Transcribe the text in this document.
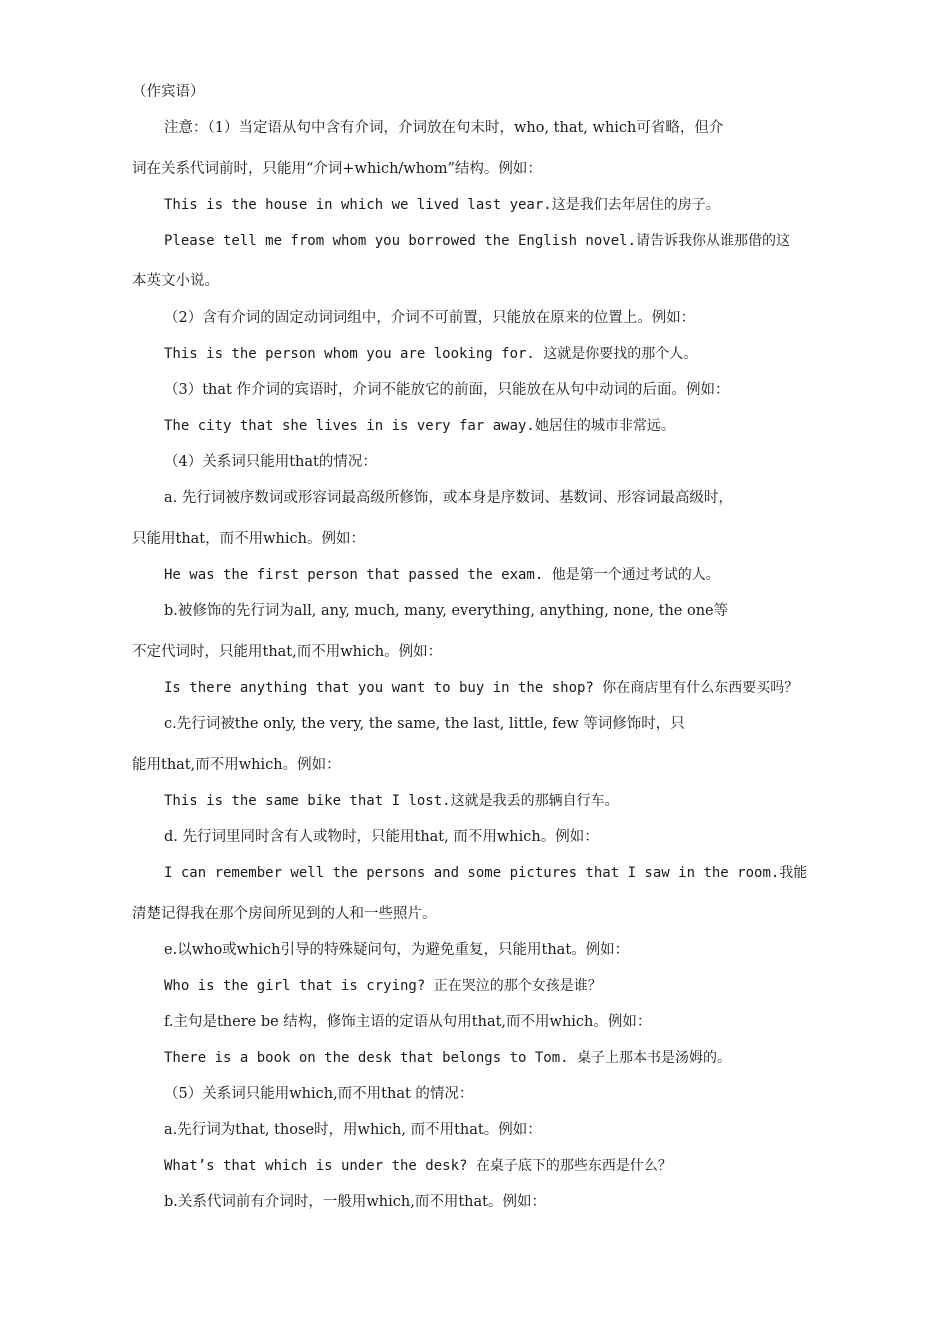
（作宾语）
注意：（1）当定语从句中含有介词，介词放在句末时，who, that, which可省略，但介
词在关系代词前时，只能用“介词+which/whom”结构。例如：
This is the house in which we lived last year.这是我们去年居住的房子。
Please tell me from whom you borrowed the English novel.请告诉我你从谁那借的这
本英文小说。
（2）含有介词的固定动词词组中，介词不可前置，只能放在原来的位置上。例如：
This is the person whom you are looking for. 这就是你要找的那个人。
（3）that 作介词的宾语时，介词不能放它的前面，只能放在从句中动词的后面。例如：
The city that she lives in is very far away.她居住的城市非常远。
（4）关系词只能用that的情况：
a. 先行词被序数词或形容词最高级所修饰，或本身是序数词、基数词、形容词最高级时，
只能用that，而不用which。例如：
He was the first person that passed the exam. 他是第一个通过考试的人。
b.被修饰的先行词为all, any, much, many, everything, anything, none, the one等
不定代词时，只能用that,而不用which。例如：
Is there anything that you want to buy in the shop? 你在商店里有什么东西要买吗？
c.先行词被the only, the very, the same, the last, little, few 等词修饰时，只
能用that,而不用which。例如：
This is the same bike that I lost.这就是我丢的那辆自行车。
d. 先行词里同时含有人或物时，只能用that, 而不用which。例如：
I can remember well the persons and some pictures that I saw in the room.我能
清楚记得我在那个房间所见到的人和一些照片。
e.以who或which引导的特殊疑问句，为避免重复，只能用that。例如：
Who is the girl that is crying? 正在哭泣的那个女孩是谁？
f.主句是there be 结构，修饰主语的定语从句用that,而不用which。例如：
There is a book on the desk that belongs to Tom. 桌子上那本书是汤姆的。
（5）关系词只能用which,而不用that 的情况：
a.先行词为that, those时，用which, 而不用that。例如：
What’s that which is under the desk? 在桌子底下的那些东西是什么？
b.关系代词前有介词时，一般用which,而不用that。例如：
